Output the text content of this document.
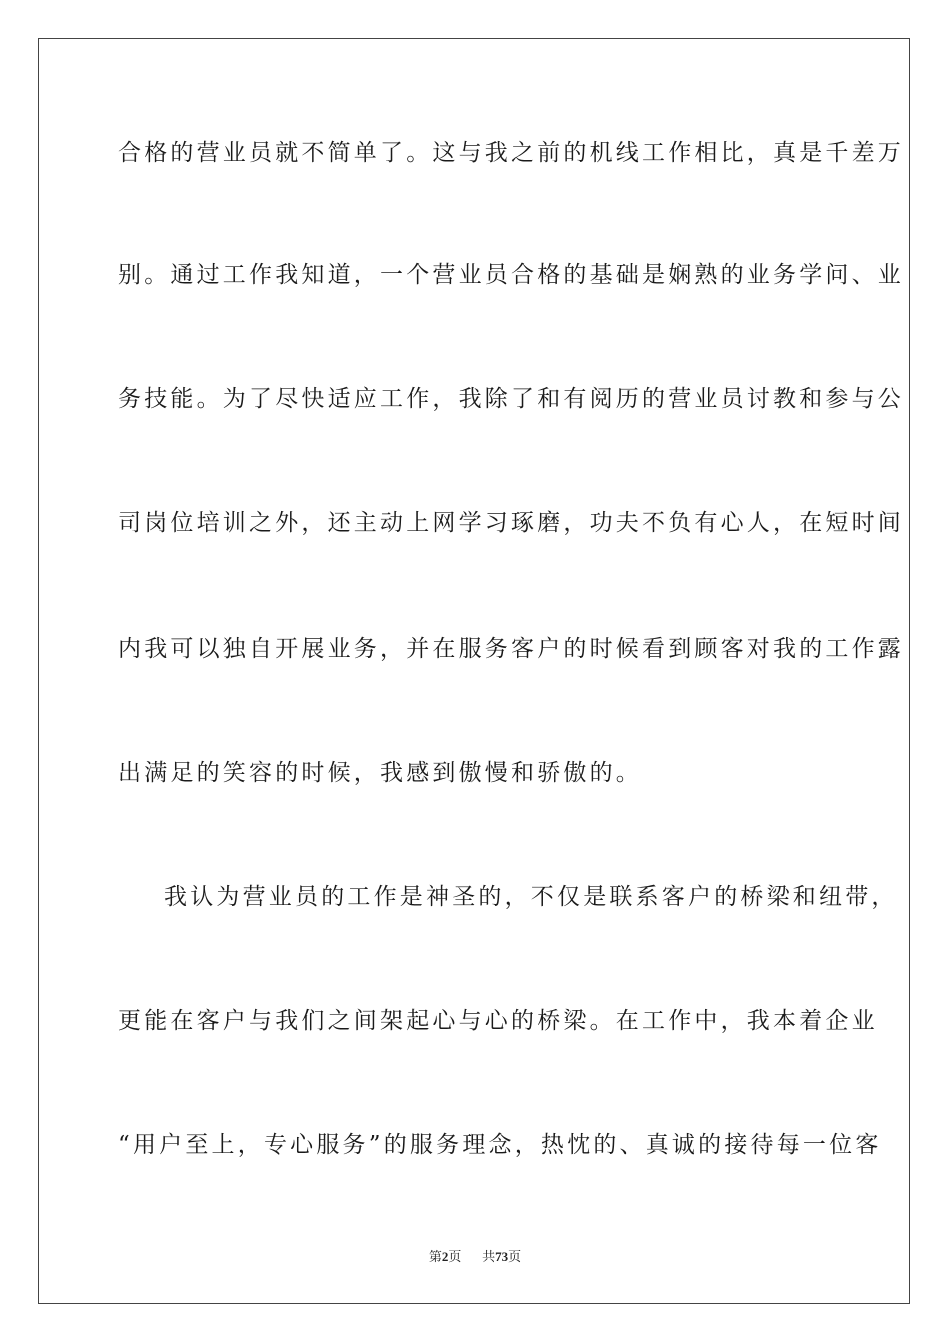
合格的营业员就不简单了。这与我之前的机线工作相比，真是千差万
别。通过工作我知道，一个营业员合格的基础是娴熟的业务学问、业
务技能。为了尽快适应工作，我除了和有阅历的营业员讨教和参与公
司岗位培训之外，还主动上网学习琢磨，功夫不负有心人，在短时间
内我可以独自开展业务，并在服务客户的时候看到顾客对我的工作露
出满足的笑容的时候，我感到傲慢和骄傲的。
我认为营业员的工作是神圣的，不仅是联系客户的桥梁和纽带，
更能在客户与我们之间架起心与心的桥梁。在工作中，我本着企业
“用户至上，专心服务”的服务理念，热忱的、真诚的接待每一位客
第2页 共73页
